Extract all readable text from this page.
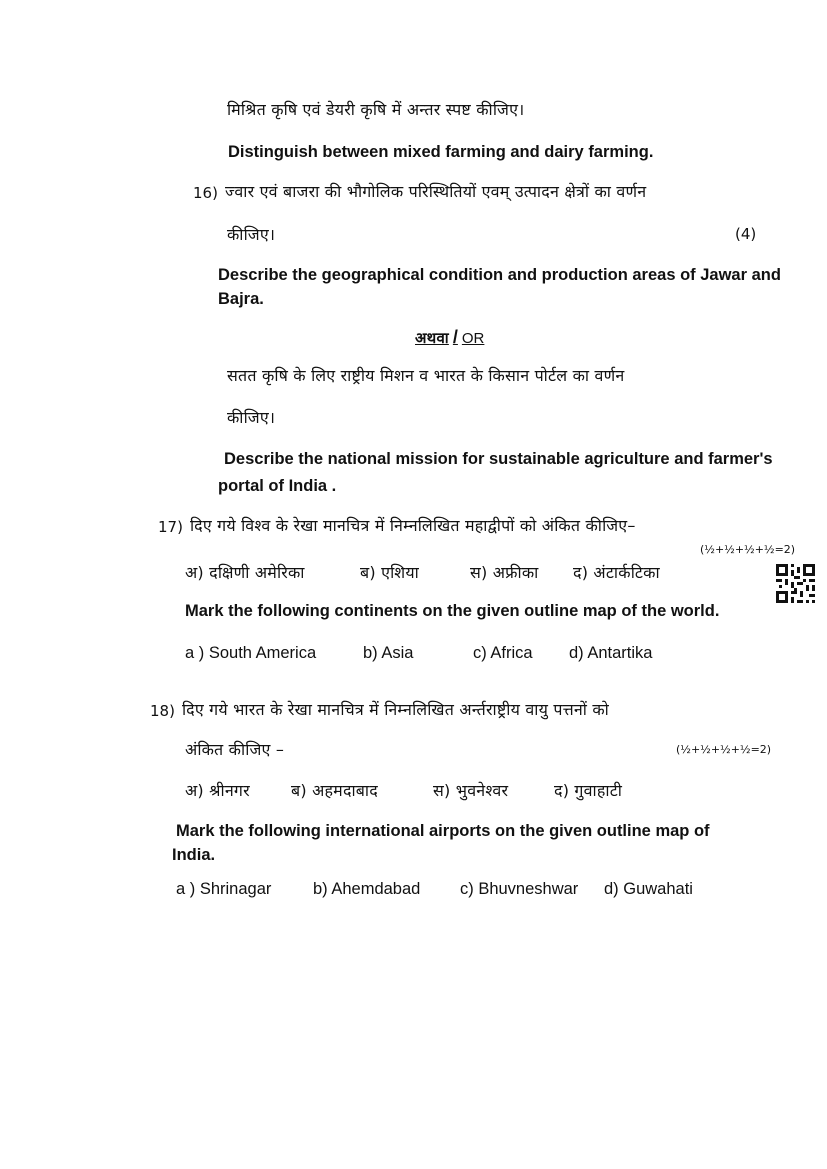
मिश्रित कृषि एवं डेयरी कृषि में अन्तर स्पष्ट कीजिए।
Distinguish between mixed farming and dairy farming.
16) ज्वार एवं बाजरा की भौगोलिक परिस्थितियों एवम् उत्पादन क्षेत्रों का वर्णन
कीजिए।	(4)
Describe the geographical condition and production areas of Jawar and
Bajra.
अथवा / OR
सतत कृषि के लिए राष्ट्रीय मिशन व भारत के किसान पोर्टल का वर्णन
कीजिए।
Describe the national mission for sustainable agriculture and farmer's
portal of India .
17) दिए गये विश्व के रेखा मानचित्र में निम्नलिखित महाद्वीपों को अंकित कीजिए–
(½+½+½+½=2)
अ) दक्षिणी अमेरिका	ब) एशिया	स) अफ्रीका द) अंटार्कटिका
Mark the following continents on the given outline map of the world.
a ) South America	b) Asia	c) Africa d) Antartika
18) दिए गये भारत के रेखा मानचित्र में निम्नलिखित अर्न्तराष्ट्रीय वायु पत्तनों को
अंकित कीजिए –	(½+½+½+½=2)
अ) श्रीनगर	ब) अहमदाबाद	स) भुवनेश्वर	द) गुवाहाटी
Mark the following international airports on the given outline map of
India.
a ) Shrinagar	b) Ahemdabad c) Bhuvneshwar d) Guwahati
